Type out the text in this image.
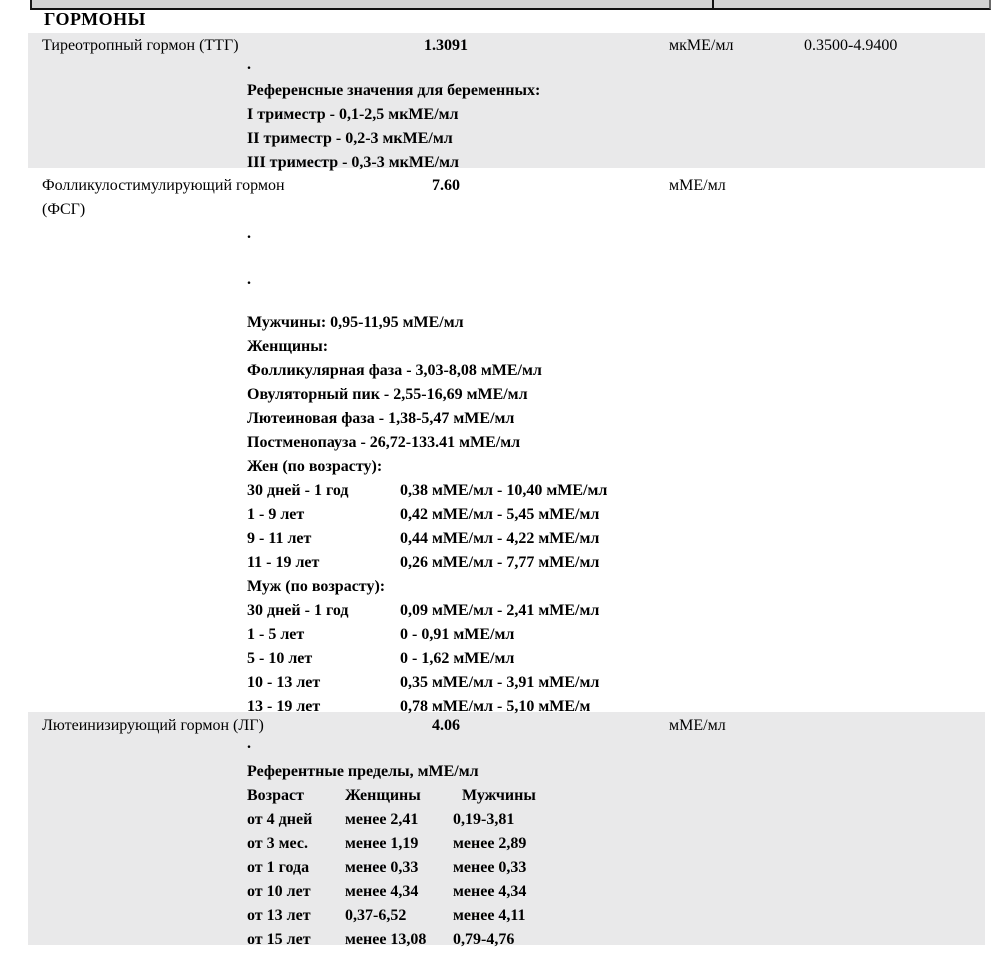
ГОРМОНЫ
Тиреотропный гормон (ТТГ)	1.3091	мкМЕ/мл	0.3500-4.9400
.
Референсные значения для беременных:
I триместр - 0,1-2,5 мкМЕ/мл
II триместр - 0,2-3 мкМЕ/мл
III триместр - 0,3-3 мкМЕ/мл
Фолликулостимулирующий гормон
(ФСГ)
7.60	мМЕ/мл
.
.
Мужчины: 0,95-11,95 мМЕ/мл
Женщины:
Фолликулярная фаза - 3,03-8,08 мМЕ/мл
Овуляторный пик - 2,55-16,69 мМЕ/мл
Лютеиновая фаза - 1,38-5,47 мМЕ/мл
Постменопауза - 26,72-133.41 мМЕ/мл
Жен (по возрасту):
30 дней - 1 год	0,38 мМЕ/мл - 10,40 мМЕ/мл
1 - 9 лет	0,42 мМЕ/мл - 5,45 мМЕ/мл
9 - 11 лет	0,44 мМЕ/мл - 4,22 мМЕ/мл
11 - 19 лет	0,26 мМЕ/мл - 7,77 мМЕ/мл
Муж (по возрасту):
30 дней - 1 год	0,09 мМЕ/мл - 2,41 мМЕ/мл
1 - 5 лет	0 - 0,91 мМЕ/мл
5 - 10 лет	0 - 1,62 мМЕ/мл
10 - 13 лет	0,35 мМЕ/мл - 3,91 мМЕ/мл
13 - 19 лет	0,78 мМЕ/мл - 5,10 мМЕ/м
Лютеинизирующий гормон (ЛГ)	4.06	мМЕ/мл
.
Референтные пределы, мМЕ/мл
Возраст	Женщины	Мужчины
от 4 дней	менее 2,41	0,19-3,81
от 3 мес.	менее 1,19	менее 2,89
от 1 года	менее 0,33	менее 0,33
от 10 лет	менее 4,34	менее 4,34
от 13 лет	0,37-6,52	менее 4,11
от 15 лет	менее 13,08	0,79-4,76
